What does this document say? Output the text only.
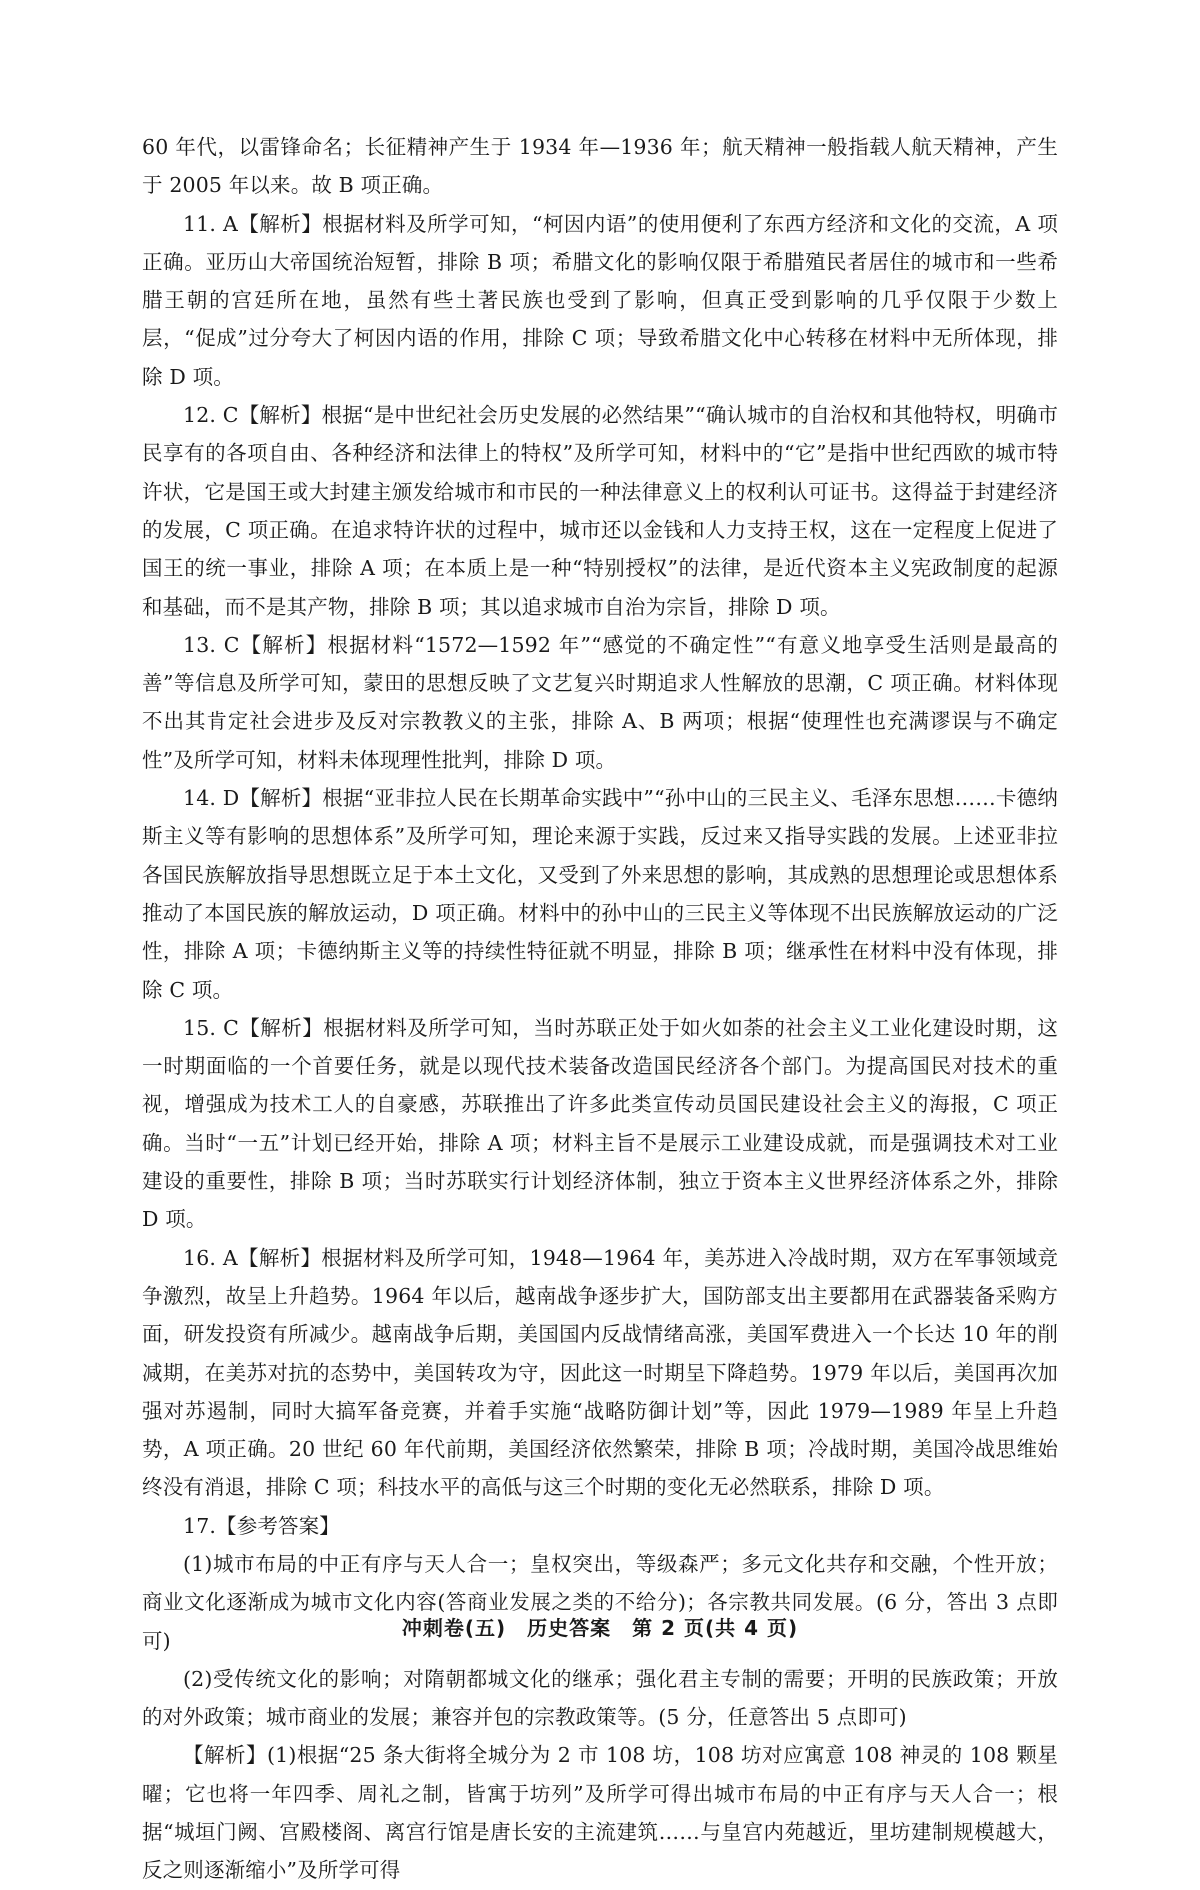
60 年代，以雷锋命名；长征精神产生于 1934 年—1936 年；航天精神一般指载人航天精神，产生于 2005 年以来。故 B 项正确。

11. A【解析】根据材料及所学可知，“柯因内语”的使用便利了东西方经济和文化的交流，A 项正确。亚历山大帝国统治短暂，排除 B 项；希腊文化的影响仅限于希腊殖民者居住的城市和一些希腊王朝的宫廷所在地，虽然有些土著民族也受到了影响，但真正受到影响的几乎仅限于少数上层，“促成”过分夸大了柯因内语的作用，排除 C 项；导致希腊文化中心转移在材料中无所体现，排除 D 项。

12. C【解析】根据“是中世纪社会历史发展的必然结果”“确认城市的自治权和其他特权，明确市民享有的各项自由、各种经济和法律上的特权”及所学可知，材料中的“它”是指中世纪西欧的城市特许状，它是国王或大封建主颁发给城市和市民的一种法律意义上的权利认可证书。这得益于封建经济的发展，C 项正确。在追求特许状的过程中，城市还以金钱和人力支持王权，这在一定程度上促进了国王的统一事业，排除 A 项；在本质上是一种“特别授权”的法律，是近代资本主义宪政制度的起源和基础，而不是其产物，排除 B 项；其以追求城市自治为宗旨，排除 D 项。

13. C【解析】根据材料“1572—1592 年”“感觉的不确定性”“有意义地享受生活则是最高的善”等信息及所学可知，蒙田的思想反映了文艺复兴时期追求人性解放的思潮，C 项正确。材料体现不出其肯定社会进步及反对宗教教义的主张，排除 A、B 两项；根据“使理性也充满谬误与不确定性”及所学可知，材料未体现理性批判，排除 D 项。

14. D【解析】根据“亚非拉人民在长期革命实践中”“孙中山的三民主义、毛泽东思想……卡德纳斯主义等有影响的思想体系”及所学可知，理论来源于实践，反过来又指导实践的发展。上述亚非拉各国民族解放指导思想既立足于本土文化，又受到了外来思想的影响，其成熟的思想理论或思想体系推动了本国民族的解放运动，D 项正确。材料中的孙中山的三民主义等体现不出民族解放运动的广泛性，排除 A 项；卡德纳斯主义等的持续性特征就不明显，排除 B 项；继承性在材料中没有体现，排除 C 项。

15. C【解析】根据材料及所学可知，当时苏联正处于如火如荼的社会主义工业化建设时期，这一时期面临的一个首要任务，就是以现代技术装备改造国民经济各个部门。为提高国民对技术的重视，增强成为技术工人的自豪感，苏联推出了许多此类宣传动员国民建设社会主义的海报，C 项正确。当时“一五”计划已经开始，排除 A 项；材料主旨不是展示工业建设成就，而是强调技术对工业建设的重要性，排除 B 项；当时苏联实行计划经济体制，独立于资本主义世界经济体系之外，排除 D 项。

16. A【解析】根据材料及所学可知，1948—1964 年，美苏进入冷战时期，双方在军事领域竞争激烈，故呈上升趋势。1964 年以后，越南战争逐步扩大，国防部支出主要都用在武器装备采购方面，研发投资有所减少。越南战争后期，美国国内反战情绪高涨，美国军费进入一个长达 10 年的削减期，在美苏对抗的态势中，美国转攻为守，因此这一时期呈下降趋势。1979 年以后，美国再次加强对苏遏制，同时大搞军备竞赛，并着手实施“战略防御计划”等，因此 1979—1989 年呈上升趋势，A 项正确。20 世纪 60 年代前期，美国经济依然繁荣，排除 B 项；冷战时期，美国冷战思维始终没有消退，排除 C 项；科技水平的高低与这三个时期的变化无必然联系，排除 D 项。

17.【参考答案】

(1)城市布局的中正有序与天人合一；皇权突出，等级森严；多元文化共存和交融，个性开放；商业文化逐渐成为城市文化内容(答商业发展之类的不给分)；各宗教共同发展。(6 分，答出 3 点即可)

(2)受传统文化的影响；对隋朝都城文化的继承；强化君主专制的需要；开明的民族政策；开放的对外政策；城市商业的发展；兼容并包的宗教政策等。(5 分，任意答出 5 点即可)

【解析】(1)根据“25 条大街将全城分为 2 市 108 坊，108 坊对应寓意 108 神灵的 108 颗星曜；它也将一年四季、周礼之制，皆寓于坊列”及所学可得出城市布局的中正有序与天人合一；根据“城垣门阙、宫殿楼阁、离宫行馆是唐长安的主流建筑……与皇宫内苑越近，里坊建制规模越大，反之则逐渐缩小”及所学可得

冲刺卷(五)　历史答案　第 2 页(共 4 页)
